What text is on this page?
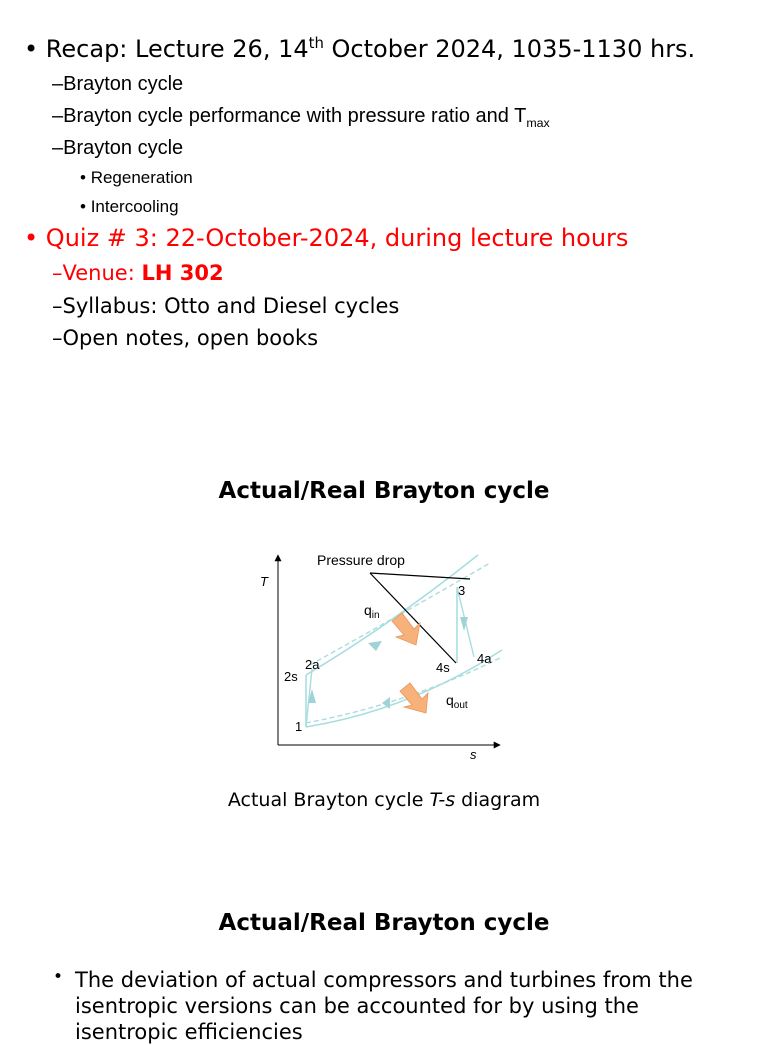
• Recap: Lecture 26, 14th October 2024, 1035-1130 hrs.
–Brayton cycle
–Brayton cycle performance with pressure ratio and $T_{max}$
–Brayton cycle
• Regeneration
• Intercooling
• Quiz # 3: 22-October-2024, during lecture hours
–Venue: LH 302
–Syllabus: Otto and Diesel cycles
–Open notes, open books
Actual/Real Brayton cycle
T
s
Pressure drop
$q_{in}$
$q_{out}$
1
2s
2a
3
4s
4a
Actual Brayton cycle T-s diagram
Actual/Real Brayton cycle
• The deviation of actual compressors and turbines from the isentropic versions can be accounted for by using the isentropic efficiencies
